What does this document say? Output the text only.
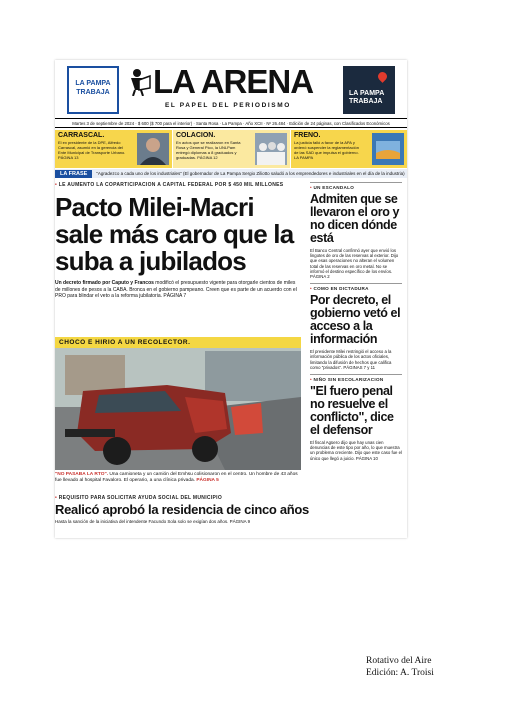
LA PAMPA
TRABAJA	LA ARENA
EL PAPEL DEL PERIODISMO
LA PAMPA
TRABAJA
Martes 3 de septiembre de 2024 · $ 600 ($ 700 para el interior) · Santa Rosa · La Pampa · Año XCII · Nº 26.484 · Edición de 24 páginas, con Clasificados Económicos
CARRASCAL.
El ex presidente de la DPE, Alfredo Carrascal, asumió en la gerencia del Ente Municipal de Transporte Urbano. PÁGINA 13
COLACION.
En actos que se realizaron en Santa Rosa y General Pico, la UNLPam entregó diplomas a 8 graduados y graduadas. PÁGINA 12
FRENO.
La justicia falló a favor de la APA y ordenó suspender la reglamentación de las SAD que impulsa el gobierno. LA PAMPA
LA FRASE "Agradezco a cada uno de los industriales" (El gobernador de La Pampa Sergio Ziliotto saludó a los emprendedores e industriales en el día de la industria)
• LE AUMENTO LA COPARTICIPACION A CAPITAL FEDERAL POR $ 450 MIL MILLONES
Pacto Milei-Macri sale más caro que la suba a jubilados
Un decreto firmado por Caputo y Francos modificó el presupuesto vigente para otorgarle cientos de miles de millones de pesos a la CABA. Bronca en el gobierno pampeano. Creen que es parte de un acuerdo con el PRO para blindar el veto a la reforma jubilatoria. PÁGINA 7
CHOCO E HIRIO A UN RECOLECTOR.
"NO PASABA LA RTO". Una camioneta y un camión del Emhsu colisionaron en el centro. Un hombre de 43 años fue llevado al hospital Favaloro. El operario, a una clínica privada. PÁGINA 5
• REQUISITO PARA SOLICITAR AYUDA SOCIAL DEL MUNICIPIO
Realicó aprobó la residencia de cinco años
Hasta la sanción de la iniciativa del intendente Facundo Sola solo se exigían dos años. PÁGINA 9
• UN ESCANDALO
Admiten que se llevaron el oro y no dicen dónde está

El Banco Central confirmó ayer que envió los lingotes de oro de las reservas al exterior. Dijo que esas operaciones no alteran el volumen total de las reservas en oro metal. No se informó el destino específico de los envíos. PÁGINA 2

• COMO EN DICTADURA
Por decreto, el gobierno vetó el acceso a la información

El presidente Milei restringió el acceso a la información pública de los actos oficiales, limitando la difusión de hechos que califica como "privados". PÁGINAS 7 y 11

• NIÑO SIN ESCOLARIZACION
"El fuero penal no resuelve el conflicto", dice el defensor

El fiscal Agüero dijo que hay unas cien denuncias de este tipo por año, lo que muestra un problema creciente. Dijo que este caso fue el único que llegó a juicio. PÁGINA 10

Rotativo del Aire
Edición: A. Troisi
